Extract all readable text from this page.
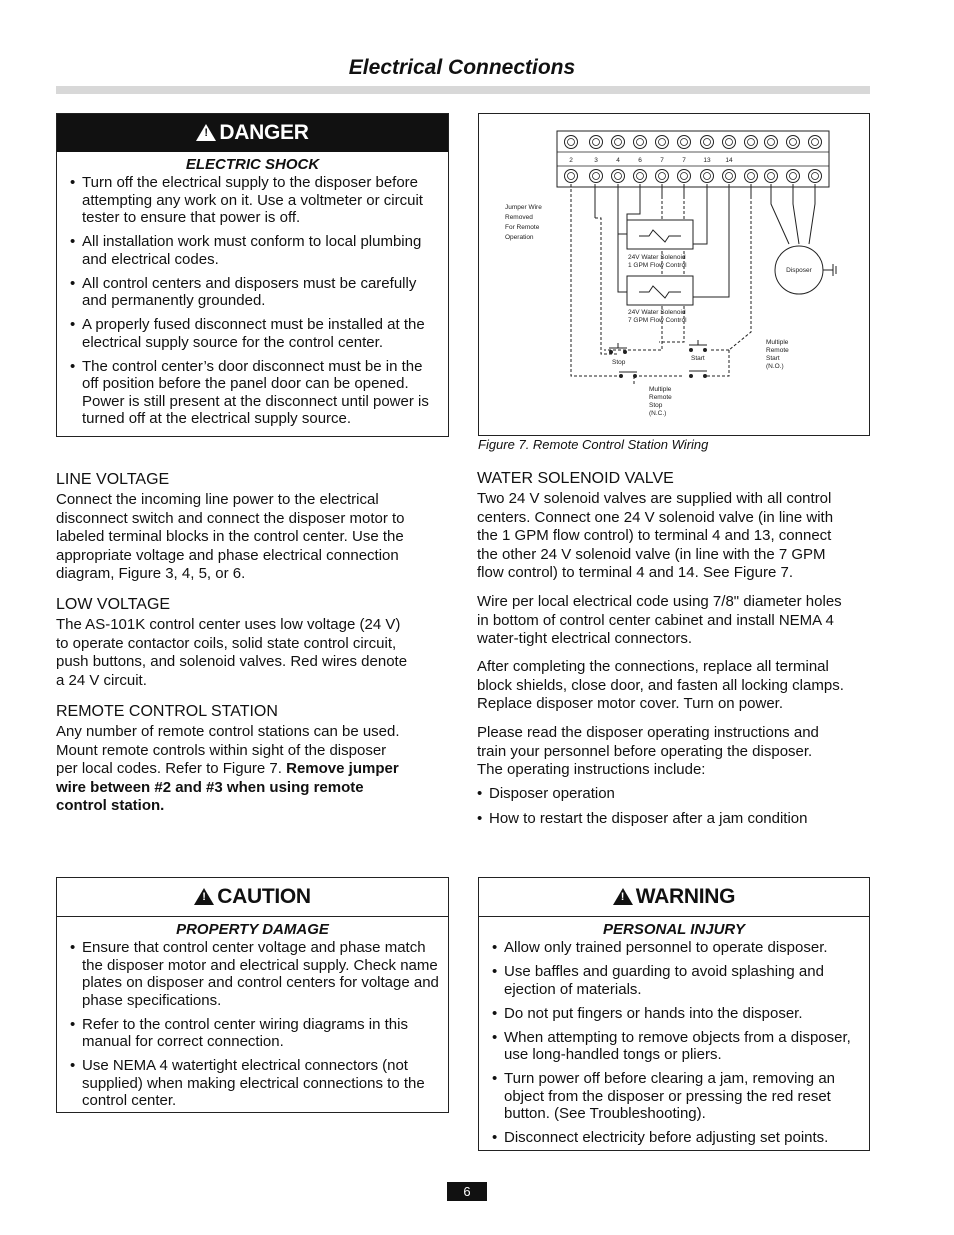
Electrical Connections
!
DANGER
ELECTRIC SHOCK
• Turn off the electrical supply to the disposer before attempting any work on it. Use a voltmeter or circuit tester to ensure that power is off.
• All installation work must conform to local plumbing and electrical codes.
• All control centers and disposers must be carefully and permanently grounded.
• A properly fused disconnect must be installed at the electrical supply source for the control center.
• The control center’s door disconnect must be in the off position before the panel door can be opened. Power is still present at the disconnect until power is turned off at the electrical supply source.
2	3	4	6	7	7	13 14
Jumper Wire
Removed
For Remote
Operation
24V Water Solenoid
1 GPM Flow Control
24V Water Solenoid
7 GPM Flow Control
Disposer
Stop
Start
Multiple
Remote
Start
(N.O.)
Multiple
Remote
Stop
(N.C.)
Figure 7. Remote Control Station Wiring
LINE VOLTAGE
Connect the incoming line power to the electrical
disconnect switch and connect the disposer motor to
labeled terminal blocks in the control center. Use the
appropriate voltage and phase electrical connection
diagram, Figure 3, 4, 5, or 6.
LOW VOLTAGE
The AS-101K control center uses low voltage (24 V)
to operate contactor coils, solid state control circuit,
push buttons, and solenoid valves. Red wires denote
a 24 V circuit.
REMOTE CONTROL STATION
Any number of remote control stations can be used.
Mount remote controls within sight of the disposer
per local codes. Refer to Figure 7. Remove jumper
wire between #2 and #3 when using remote
control station.
WATER SOLENOID VALVE
Two 24 V solenoid valves are supplied with all control
centers. Connect one 24 V solenoid valve (in line with
the 1 GPM flow control) to terminal 4 and 13, connect
the other 24 V solenoid valve (in line with the 7 GPM
flow control) to terminal 4 and 14. See Figure 7.
Wire per local electrical code using 7/8" diameter holes
in bottom of control center cabinet and install NEMA 4
water-tight electrical connectors.
After completing the connections, replace all terminal
block shields, close door, and fasten all locking clamps.
Replace disposer motor cover. Turn on power.
Please read the disposer operating instructions and
train your personnel before operating the disposer.
The operating instructions include:
• Disposer operation
• How to restart the disposer after a jam condition
!
CAUTION
PROPERTY DAMAGE
• Ensure that control center voltage and phase match the disposer motor and electrical supply. Check name plates on disposer and control centers for voltage and phase specifications.
• Refer to the control center wiring diagrams in this manual for correct connection.
• Use NEMA 4 watertight electrical connectors (not supplied) when making electrical connections to the control center.
!
WARNING
PERSONAL INJURY
• Allow only trained personnel to operate disposer.
• Use baffles and guarding to avoid splashing and ejection of materials.
• Do not put fingers or hands into the disposer.
• When attempting to remove objects from a disposer, use long-handled tongs or pliers.
• Turn power off before clearing a jam, removing an object from the disposer or pressing the red reset button. (See Troubleshooting).
• Disconnect electricity before adjusting set points.
6
